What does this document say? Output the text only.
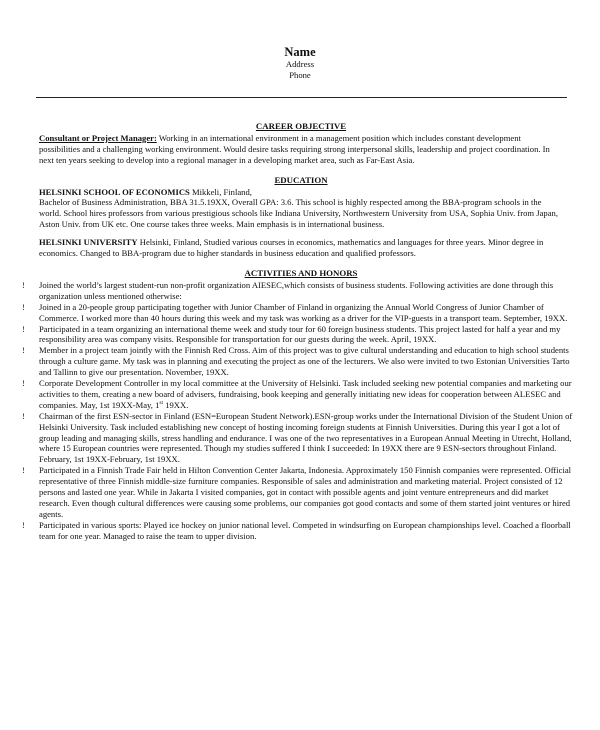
Name
Address
Phone
CAREER OBJECTIVE

Consultant or Project Manager: Working in an international environment in a management position which includes constant development possibilities and a challenging working environment. Would desire tasks requiring strong interpersonal skills, leadership and project coordination. In next ten years seeking to develop into a regional manager in a developing market area, such as Far-East Asia.

EDUCATION

HELSINKI SCHOOL OF ECONOMICS Mikkeli, Finland,

Bachelor of Business Administration, BBA 31.5.19XX, Overall GPA: 3.6. This school is highly respected among the BBA-program schools in the world. School hires professors from various prestigious schools like Indiana University, Northwestern University from USA, Sophia Univ. from Japan, Aston Univ. from UK etc. One course takes three weeks. Main emphasis is in international business.

HELSINKI UNIVERSITY Helsinki, Finland, Studied various courses in economics, mathematics and languages for three years. Minor degree in economics. Changed to BBA-program due to higher standards in business education and qualified professors.

ACTIVITIES AND HONORS
!	Joined the world’s largest student-run non-profit organization AIESEC,which consists of business students. Following activities are done through this organization unless mentioned otherwise:
!	Joined in a 20-people group participating together with Junior Chamber of Finland in organizing the Annual World Congress of Junior Chamber of Commerce. I worked more than 40 hours during this week and my task was working as a driver for the VIP-guests in a transport team. September, 19XX.
!	Participated in a team organizing an international theme week and study tour for 60 foreign business students. This project lasted for half a year and my responsibility area was company visits. Responsible for transportation for our guests during the week. April, 19XX.
!	Member in a project team jointly with the Finnish Red Cross. Aim of this project was to give cultural understanding and education to high school students through a culture game. My task was in planning and executing the project as one of the lecturers. We also were invited to two Estonian Universities Tarto and Tallinn to give our presentation. November, 19XX.
!	Corporate Development Controller in my local committee at the University of Helsinki. Task included seeking new potential companies and marketing our activities to them, creating a new board of advisers, fundraising, book keeping and generally initiating new ideas for cooperation between ALESEC and companies. May, 1st 19XX-May, 1st 19XX.
!	Chairman of the first ESN-sector in Finland (ESN=European Student Network).ESN-group works under the International Division of the Student Union of Helsinki University. Task included establishing new concept of hosting incoming foreign students at Finnish Universities. During this year I got a lot of group leading and managing skills, stress handling and endurance. I was one of the two representatives in a European Annual Meeting in Utrecht, Holland, where 15 European countries were represented. Though my studies suffered I think I succeeded: In 19XX there are 9 ESN-sectors throughout Finland. February, 1st 19XX-February, 1st 19XX.
!	Participated in a Finnish Trade Fair held in Hilton Convention Center Jakarta, Indonesia. Approximately 150 Finnish companies were represented. Official representative of three Finnish middle-size furniture companies. Responsible of sales and administration and marketing material. Project consisted of 12 persons and lasted one year. While in Jakarta I visited companies, got in contact with possible agents and joint venture entrepreneurs and did market research. Even though cultural differences were causing some problems, our companies got good contacts and some of them started joint ventures or hired agents.
!	Participated in various sports: Played ice hockey on junior national level. Competed in windsurfing on European championships level. Coached a floorball team for one year. Managed to raise the team to upper division.
